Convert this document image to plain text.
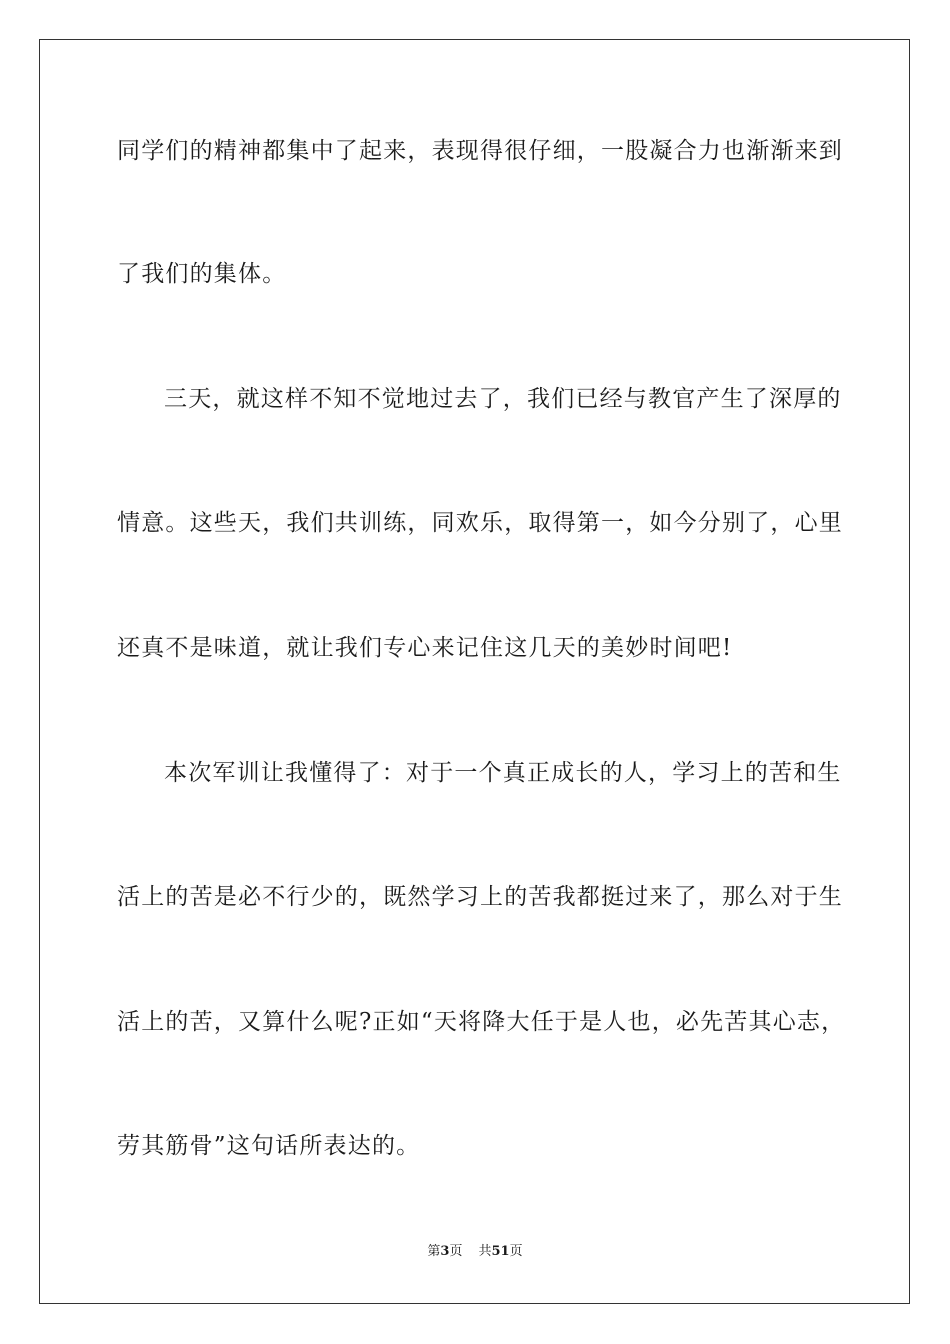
同学们的精神都集中了起来，表现得很仔细，一股凝合力也渐渐来到
了我们的集体。
三天，就这样不知不觉地过去了，我们已经与教官产生了深厚的
情意。这些天，我们共训练，同欢乐，取得第一，如今分别了，心里
还真不是味道，就让我们专心来记住这几天的美妙时间吧!
本次军训让我懂得了：对于一个真正成长的人，学习上的苦和生
活上的苦是必不行少的，既然学习上的苦我都挺过来了，那么对于生
活上的苦，又算什么呢?正如“天将降大任于是人也，必先苦其心志，
劳其筋骨”这句话所表达的。
第3页 共51页
